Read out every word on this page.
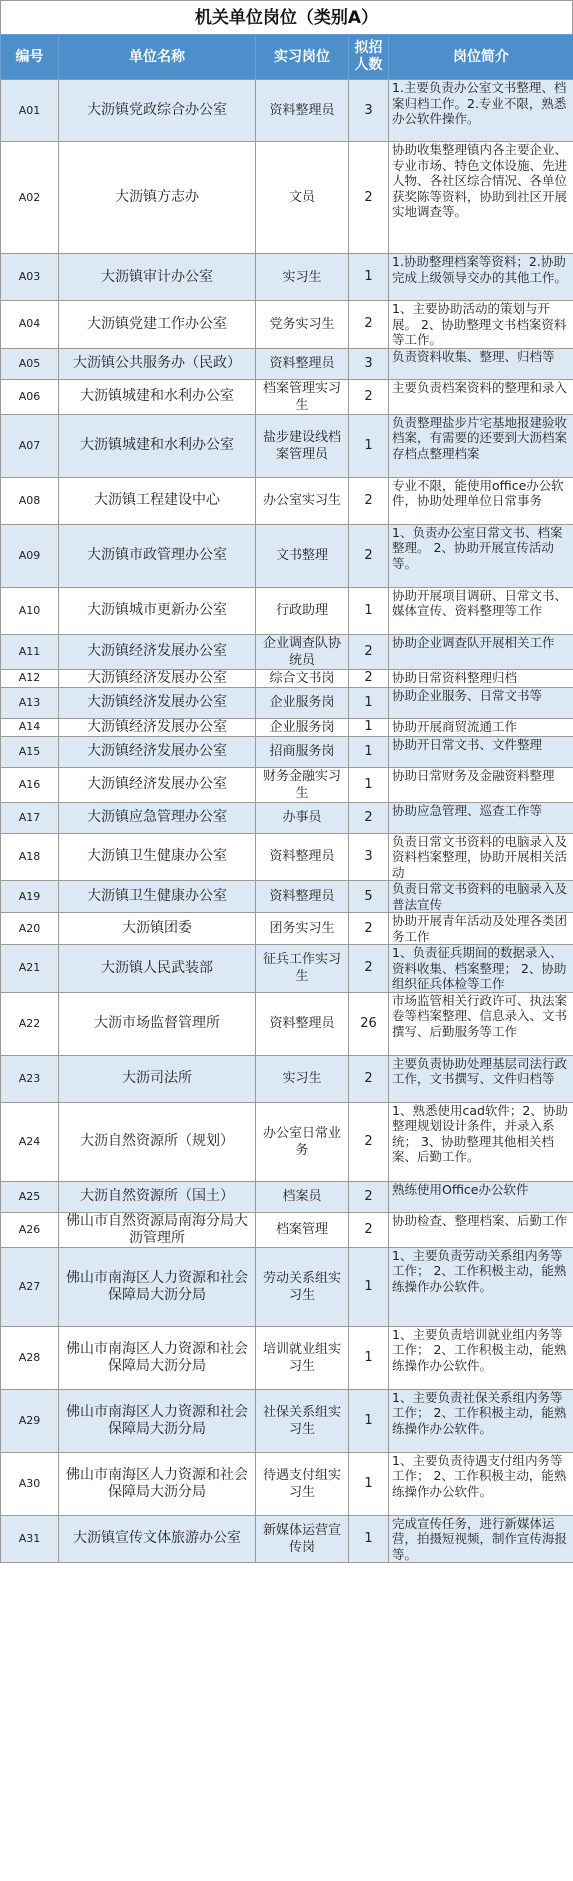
机关单位岗位（类别A）
编号	单位名称	实习岗位	拟招人数	岗位简介
A01	大沥镇党政综合办公室	资料整理员	3	1.主要负责办公室文书整理、档案归档工作。2.专业不限，熟悉办公软件操作。
A02	大沥镇方志办	文员	2	协助收集整理镇内各主要企业、专业市场、特色文体设施、先进人物、各社区综合情况、各单位获奖陈等资料，协助到社区开展实地调查等。
A03	大沥镇审计办公室	实习生	1	1.协助整理档案等资料；2.协助完成上级领导交办的其他工作。
A04	大沥镇党建工作办公室	党务实习生	2	1、主要协助活动的策划与开展。 2、协助整理文书档案资料等工作。
A05	大沥镇公共服务办（民政）	资料整理员	3	负责资料收集、整理、归档等
A06	大沥镇城建和水利办公室	档案管理实习生	2	主要负责档案资料的整理和录入
A07	大沥镇城建和水利办公室	盐步建设线档案管理员	1	负责整理盐步片宅基地报建验收档案，有需要的还要到大沥档案存档点整理档案
A08	大沥镇工程建设中心	办公室实习生	2	专业不限，能使用office办公软件，协助处理单位日常事务
A09	大沥镇市政管理办公室	文书整理	2	1、负责办公室日常文书、档案整理。 2、协助开展宣传活动等。
A10	大沥镇城市更新办公室	行政助理	1	协助开展项目调研、日常文书、媒体宣传、资料整理等工作
A11	大沥镇经济发展办公室	企业调查队协统员	2	协助企业调查队开展相关工作
A12	大沥镇经济发展办公室	综合文书岗	2	协助日常资料整理归档
A13	大沥镇经济发展办公室	企业服务岗	1	协助企业服务、日常文书等
A14	大沥镇经济发展办公室	企业服务岗	1	协助开展商贸流通工作
A15	大沥镇经济发展办公室	招商服务岗	1	协助开日常文书、文件整理
A16	大沥镇经济发展办公室	财务金融实习生	1	协助日常财务及金融资料整理
A17	大沥镇应急管理办公室	办事员	2	协助应急管理、巡查工作等
A18	大沥镇卫生健康办公室	资料整理员	3	负责日常文书资料的电脑录入及资料档案整理，协助开展相关活动
A19	大沥镇卫生健康办公室	资料整理员	5	负责日常文书资料的电脑录入及普法宣传
A20	大沥镇团委	团务实习生	2	协助开展青年活动及处理各类团务工作
A21	大沥镇人民武装部	征兵工作实习生	2	1、负责征兵期间的数据录入、资料收集、档案整理； 2、协助组织征兵体检等工作
A22	大沥市场监督管理所	资料整理员	26	市场监管相关行政许可、执法案卷等档案整理、信息录入、文书撰写、后勤服务等工作
A23	大沥司法所	实习生	2	主要负责协助处理基层司法行政工作，文书撰写、文件归档等
A24	大沥自然资源所（规划）	办公室日常业务	2	1、熟悉使用cad软件；2、协助整理规划设计条件，并录入系统； 3、协助整理其他相关档案、后勤工作。
A25	大沥自然资源所（国土）	档案员	2	熟练使用Office办公软件
A26	佛山市自然资源局南海分局大沥管理所	档案管理	2	协助检查、整理档案、后勤工作
A27	佛山市南海区人力资源和社会保障局大沥分局	劳动关系组实习生	1	1、主要负责劳动关系组内务等工作； 2、工作积极主动，能熟练操作办公软件。
A28	佛山市南海区人力资源和社会保障局大沥分局	培训就业组实习生	1	1、主要负责培训就业组内务等工作； 2、工作积极主动，能熟练操作办公软件。
A29	佛山市南海区人力资源和社会保障局大沥分局	社保关系组实习生	1	1、主要负责社保关系组内务等工作； 2、工作积极主动，能熟练操作办公软件。
A30	佛山市南海区人力资源和社会保障局大沥分局	待遇支付组实习生	1	1、主要负责待遇支付组内务等工作； 2、工作积极主动，能熟练操作办公软件。
A31	大沥镇宣传文体旅游办公室	新媒体运营宣传岗	1	完成宣传任务，进行新媒体运营，拍摄短视频，制作宣传海报等。
